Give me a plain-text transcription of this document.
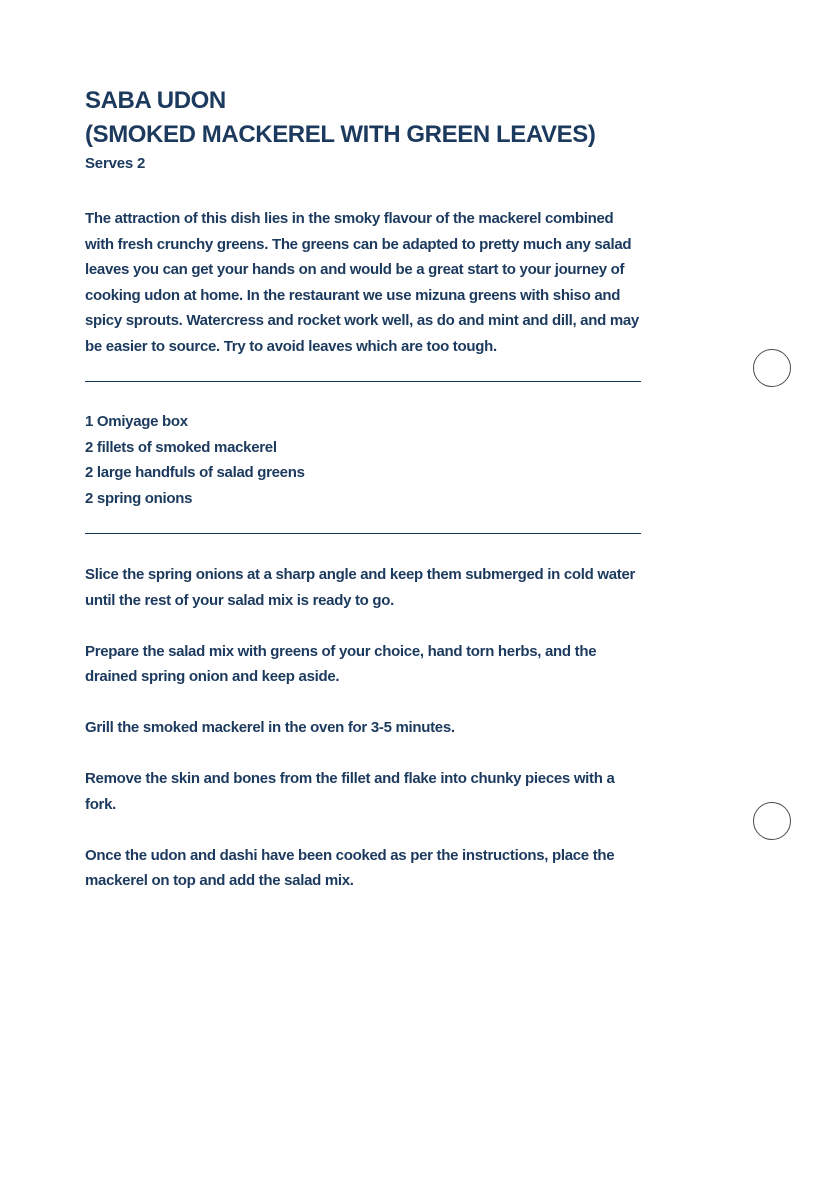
SABA UDON
(SMOKED MACKEREL WITH GREEN LEAVES)
Serves 2

The attraction of this dish lies in the smoky flavour of the mackerel combined with fresh crunchy greens. The greens can be adapted to pretty much any salad leaves you can get your hands on and would be a great start to your journey of cooking udon at home. In the restaurant we use mizuna greens with shiso and spicy sprouts. Watercress and rocket work well, as do and mint and dill, and may be easier to source. Try to avoid leaves which are too tough.

1 Omiyage box
2 fillets of smoked mackerel
2 large handfuls of salad greens
2 spring onions

Slice the spring onions at a sharp angle and keep them submerged in cold water until the rest of your salad mix is ready to go.

Prepare the salad mix with greens of your choice, hand torn herbs, and the drained spring onion and keep aside.

Grill the smoked mackerel in the oven for 3-5 minutes.

Remove the skin and bones from the fillet and flake into chunky pieces with a fork.

Once the udon and dashi have been cooked as per the instructions, place the mackerel on top and add the salad mix.
